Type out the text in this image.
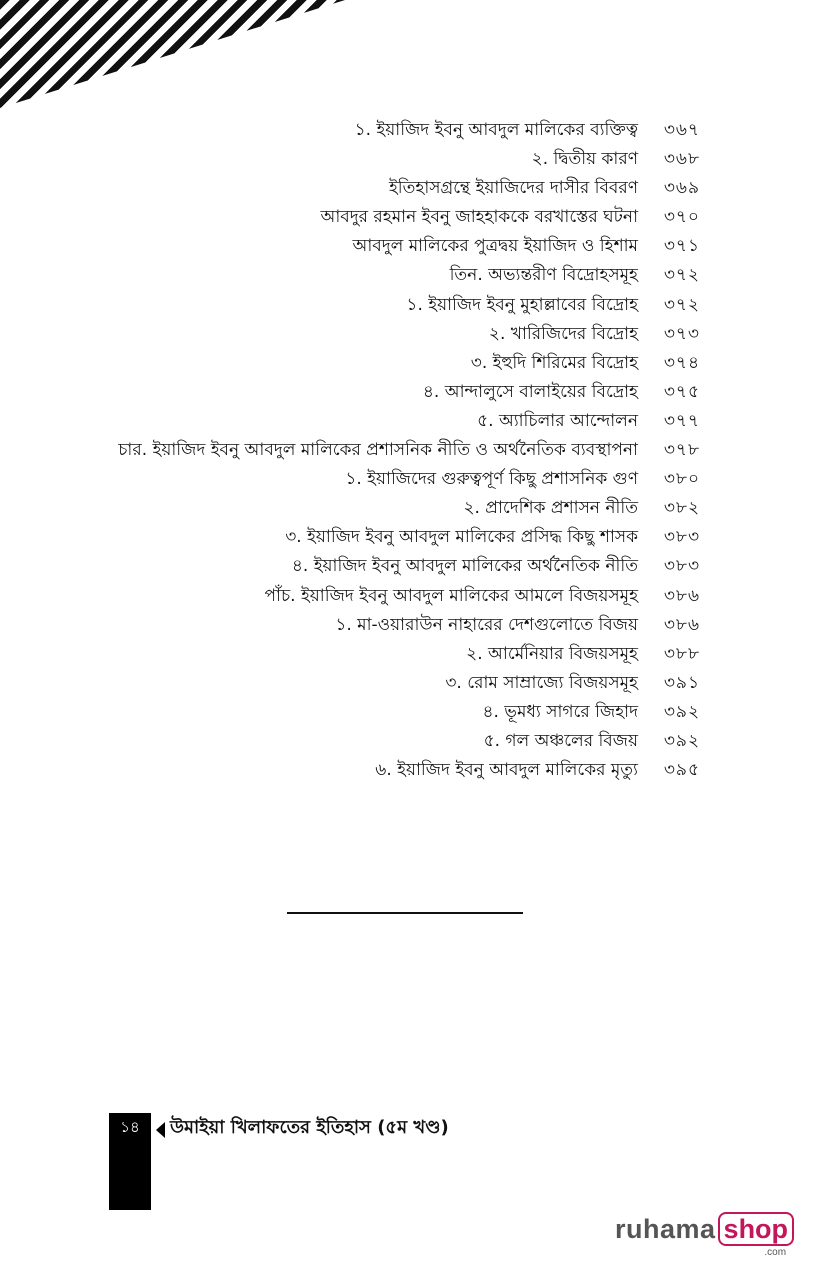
১. ইয়াজিদ ইবনু আবদুল মালিকের ব্যক্তিত্ব	৩৬৭
২. দ্বিতীয় কারণ	৩৬৮
ইতিহাসগ্রন্থে ইয়াজিদের দাসীর বিবরণ	৩৬৯
আবদুর রহমান ইবনু জাহহাককে বরখাস্তের ঘটনা	৩৭০
আবদুল মালিকের পুত্রদ্বয় ইয়াজিদ ও হিশাম	৩৭১
তিন. অভ্যন্তরীণ বিদ্রোহসমূহ	৩৭২
১. ইয়াজিদ ইবনু মুহাল্লাবের বিদ্রোহ	৩৭২
২. খারিজিদের বিদ্রোহ	৩৭৩
৩. ইহুদি শিরিমের বিদ্রোহ	৩৭৪
৪. আন্দালুসে বালাইয়ের বিদ্রোহ	৩৭৫
৫. অ্যাচিলার আন্দোলন	৩৭৭
চার. ইয়াজিদ ইবনু আবদুল মালিকের প্রশাসনিক নীতি ও অর্থনৈতিক ব্যবস্থাপনা	৩৭৮
১. ইয়াজিদের গুরুত্বপূর্ণ কিছু প্রশাসনিক গুণ	৩৮০
২. প্রাদেশিক প্রশাসন নীতি	৩৮২
৩. ইয়াজিদ ইবনু আবদুল মালিকের প্রসিদ্ধ কিছু শাসক	৩৮৩
৪. ইয়াজিদ ইবনু আবদুল মালিকের অর্থনৈতিক নীতি	৩৮৩
পাঁচ. ইয়াজিদ ইবনু আবদুল মালিকের আমলে বিজয়সমূহ	৩৮৬
১. মা-ওয়ারাউন নাহারের দেশগুলোতে বিজয়	৩৮৬
২. আর্মেনিয়ার বিজয়সমূহ	৩৮৮
৩. রোম সাম্রাজ্যে বিজয়সমূহ	৩৯১
৪. ভূমধ্য সাগরে জিহাদ	৩৯২
৫. গল অঞ্চলের বিজয়	৩৯২
৬. ইয়াজিদ ইবনু আবদুল মালিকের মৃত্যু	৩৯৫
১৪	উমাইয়া খিলাফতের ইতিহাস (৫ম খণ্ড)
ruhama shop
.com
